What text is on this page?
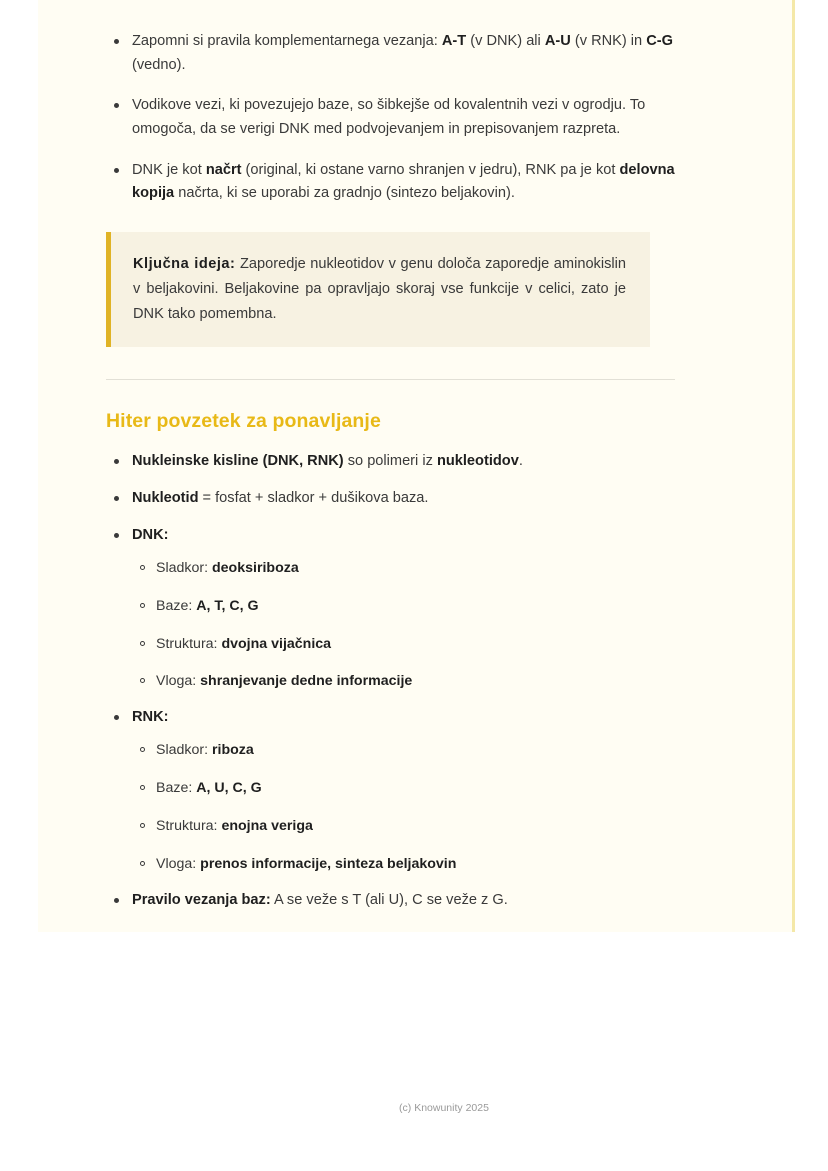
Zapomni si pravila komplementarnega vezanja: A-T (v DNK) ali A-U (v RNK) in C-G (vedno).
Vodikove vezi, ki povezujejo baze, so šibkejše od kovalentnih vezi v ogrodju. To omogoča, da se verigi DNK med podvojevanjem in prepisovanjem razpreta.
DNK je kot načrt (original, ki ostane varno shranjen v jedru), RNK pa je kot delovna kopija načrta, ki se uporabi za gradnjo (sintezo beljakovin).
Ključna ideja: Zaporedje nukleotidov v genu določa zaporedje aminokislin v beljakovini. Beljakovine pa opravljajo skoraj vse funkcije v celici, zato je DNK tako pomembna.
Hiter povzetek za ponavljanje
Nukleinske kisline (DNK, RNK) so polimeri iz nukleotidov.
Nukleotid = fosfat + sladkor + dušikova baza.
DNK:
Sladkor: deoksiriboza
Baze: A, T, C, G
Struktura: dvojna vijačnica
Vloga: shranjevanje dedne informacije
RNK:
Sladkor: riboza
Baze: A, U, C, G
Struktura: enojna veriga
Vloga: prenos informacije, sinteza beljakovin
Pravilo vezanja baz: A se veže s T (ali U), C se veže z G.
(c) Knowunity 2025
